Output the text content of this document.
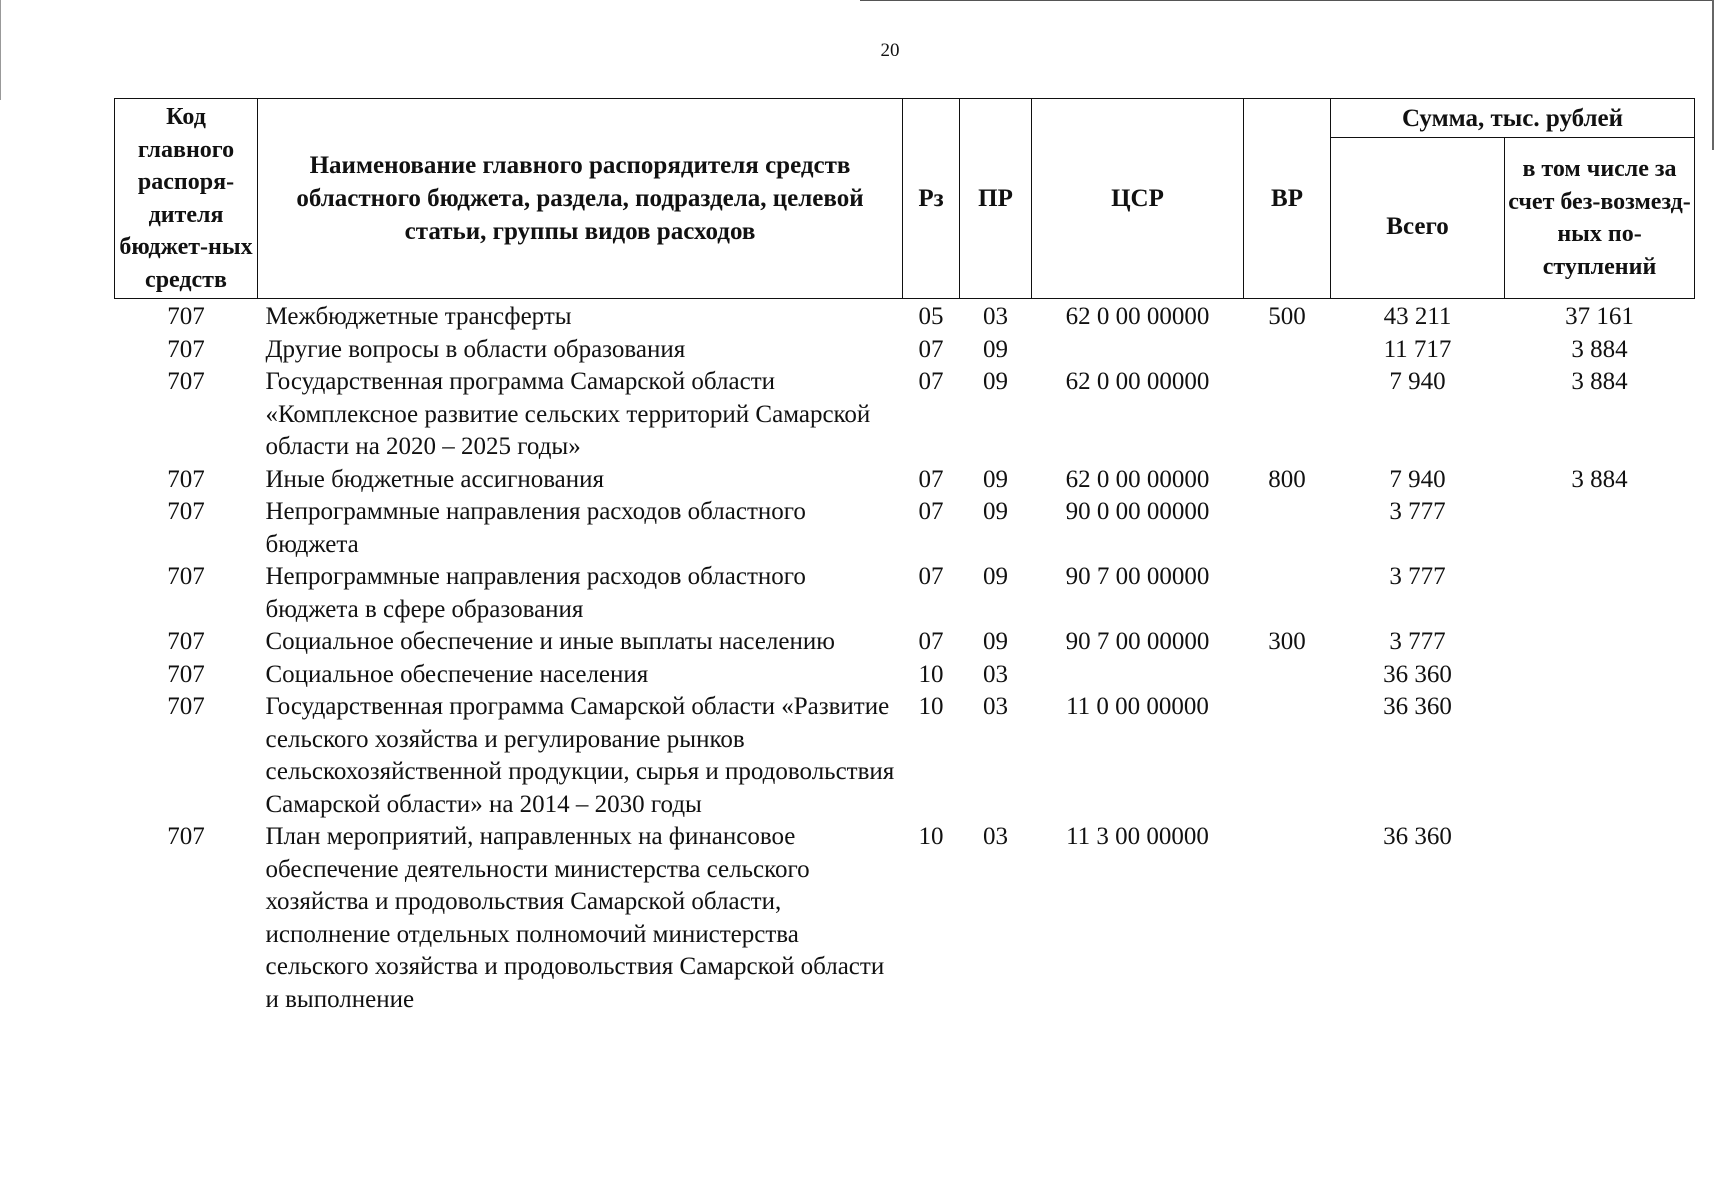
20
Код главного распоря-дителя бюджет-ных средств	Наименование главного распорядителя средств областного бюджета, раздела, подраздела, целевой статьи, группы видов расходов	Рз	ПР	ЦСР	ВР	Сумма, тыс. рублей	
						Всего	в том числе за счет без-возмезд-ных по-ступлений
707	Межбюджетные трансферты	05	03	62 0 00 00000	500	43 211	37 161
707	Другие вопросы в области образования	07	09			11 717	3 884
707	Государственная программа Самарской области «Комплексное развитие сельских территорий Самарской области на 2020 – 2025 годы»	07	09	62 0 00 00000		7 940	3 884
707	Иные бюджетные ассигнования	07	09	62 0 00 00000	800	7 940	3 884
707	Непрограммные направления расходов областного бюджета	07	09	90 0 00 00000		3 777	
707	Непрограммные направления расходов областного бюджета в сфере образования	07	09	90 7 00 00000		3 777	
707	Социальное обеспечение и иные выплаты населению	07	09	90 7 00 00000	300	3 777	
707	Социальное обеспечение населения	10	03			36 360	
707	Государственная программа Самарской области «Развитие сельского хозяйства и регулирование рынков сельскохозяйственной продукции, сырья и продовольствия Самарской области» на 2014 – 2030 годы	10	03	11 0 00 00000		36 360	
707	План мероприятий, направленных на финансовое обеспечение деятельности министерства сельского хозяйства и продовольствия Самарской области, исполнение отдельных полномочий министерства сельского хозяйства и продовольствия Самарской области и выполнение	10	03	11 3 00 00000		36 360	
